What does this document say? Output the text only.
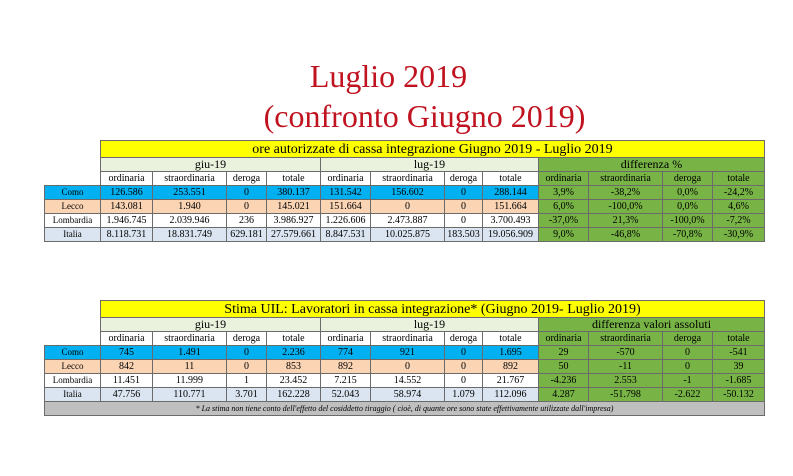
Luglio 2019
(confronto Giugno 2019)
	ore autorizzate di cassa integrazione Giugno 2019 - Luglio 2019											
	giu-19				lug-19				differenza %			
	ordinaria	straordinaria	deroga	totale	ordinaria	straordinaria	deroga	totale	ordinaria	straordinaria	deroga	totale
Como	126.586	253.551	0	380.137	131.542	156.602	0	288.144	3,9%	-38,2%	0,0%	-24,2%
Lecco	143.081	1.940	0	145.021	151.664	0	0	151.664	6,0%	-100,0%	0,0%	4,6%
Lombardia	1.946.745	2.039.946	236	3.986.927	1.226.606	2.473.887	0	3.700.493	-37,0%	21,3%	-100,0%	-7,2%
Italia	8.118.731	18.831.749	629.181	27.579.661	8.847.531	10.025.875	183.503	19.056.909	9,0%	-46,8%	-70,8%	-30,9%
	Stima UIL: Lavoratori in cassa integrazione* (Giugno 2019- Luglio 2019)											
	giu-19				lug-19				differenza valori assoluti			
	ordinaria	straordinaria	deroga	totale	ordinaria	straordinaria	deroga	totale	ordinaria	straordinaria	deroga	totale
Como	745	1.491	0	2.236	774	921	0	1.695	29	-570	0	-541
Lecco	842	11	0	853	892	0	0	892	50	-11	0	39
Lombardia	11.451	11.999	1	23.452	7.215	14.552	0	21.767	-4.236	2.553	-1	-1.685
Italia	47.756	110.771	3.701	162.228	52.043	58.974	1.079	112.096	4.287	-51.798	-2.622	-50.132
* La stima non tiene conto dell'effetto del cosiddetto tiraggio ( cioè, di quante ore sono state effettivamente utilizzate dall'impresa)												
